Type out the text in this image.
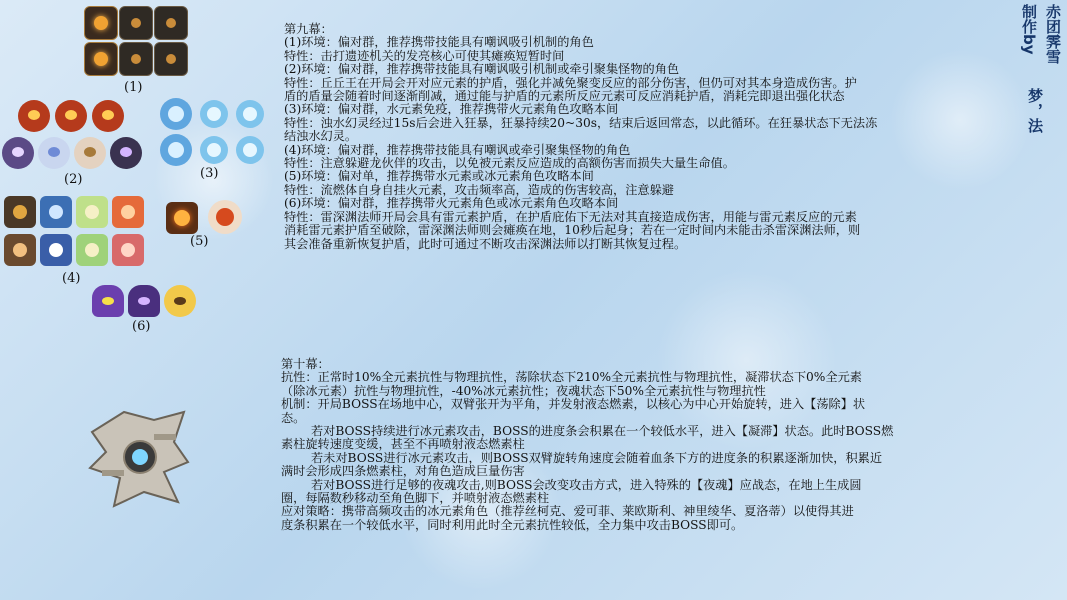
赤团霁雪
制作by
梦，法
(1)
(2)	(3)
(4)
(5)
(6)
第九幕：
(1)环境：偏对群，推荐携带技能具有嘲讽吸引机制的角色
特性：击打遗迹机关的发亮核心可使其瘫痪短暂时间
(2)环境：偏对群，推荐携带技能具有嘲讽吸引机制或牵引聚集怪物的角色
特性：丘丘王在开局会开对应元素的护盾，强化并减免聚变反应的部分伤害，但仍可对其本身造成伤害。护
盾的盾量会随着时间逐渐削减，通过能与护盾的元素所反应元素可反应消耗护盾，消耗完即退出强化状态
(3)环境：偏对群，水元素免疫，推荐携带火元素角色攻略本间
特性：浊水幻灵经过15s后会进入狂暴，狂暴持续20~30s，结束后返回常态，以此循环。在狂暴状态下无法冻
结浊水幻灵。
(4)环境：偏对群，推荐携带技能具有嘲讽或牵引聚集怪物的角色
特性：注意躲避龙伙伴的攻击，以免被元素反应造成的高额伤害而损失大量生命值。
(5)环境：偏对单，推荐携带水元素或冰元素角色攻略本间
特性：流燃体自身自挂火元素，攻击频率高，造成的伤害较高，注意躲避
(6)环境：偏对群，推荐携带火元素角色或冰元素角色攻略本间
特性：雷深渊法师开局会具有雷元素护盾，在护盾庇佑下无法对其直接造成伤害，用能与雷元素反应的元素
消耗雷元素护盾至破除，雷深渊法师则会瘫痪在地，10秒后起身；若在一定时间内未能击杀雷深渊法师，则
其会准备重新恢复护盾，此时可通过不断攻击深渊法师以打断其恢复过程。
第十幕：
抗性：正常时10%全元素抗性与物理抗性，荡除状态下210%全元素抗性与物理抗性，凝滞状态下0%全元素
（除冰元素）抗性与物理抗性，-40%冰元素抗性；夜魂状态下50%全元素抗性与物理抗性
机制：开局BOSS在场地中心，双臂张开为平角，并发射液态燃素，以核心为中心开始旋转，进入【荡除】状
态。
若对BOSS持续进行冰元素攻击，BOSS的进度条会积累在一个较低水平，进入【凝滞】状态。此时BOSS燃
素柱旋转速度变缓，甚至不再喷射液态燃素柱
若未对BOSS进行冰元素攻击，则BOSS双臂旋转角速度会随着血条下方的进度条的积累逐渐加快，积累近
满时会形成四条燃素柱，对角色造成巨量伤害
若对BOSS进行足够的夜魂攻击,则BOSS会改变攻击方式，进入特殊的【夜魂】应战态，在地上生成圆
圈，每隔数秒移动至角色脚下，并喷射液态燃素柱
应对策略：携带高频攻击的冰元素角色（推荐丝柯克、爱可菲、莱欧斯利、神里绫华、夏洛蒂）以使得其进
度条积累在一个较低水平，同时利用此时全元素抗性较低，全力集中攻击BOSS即可。
